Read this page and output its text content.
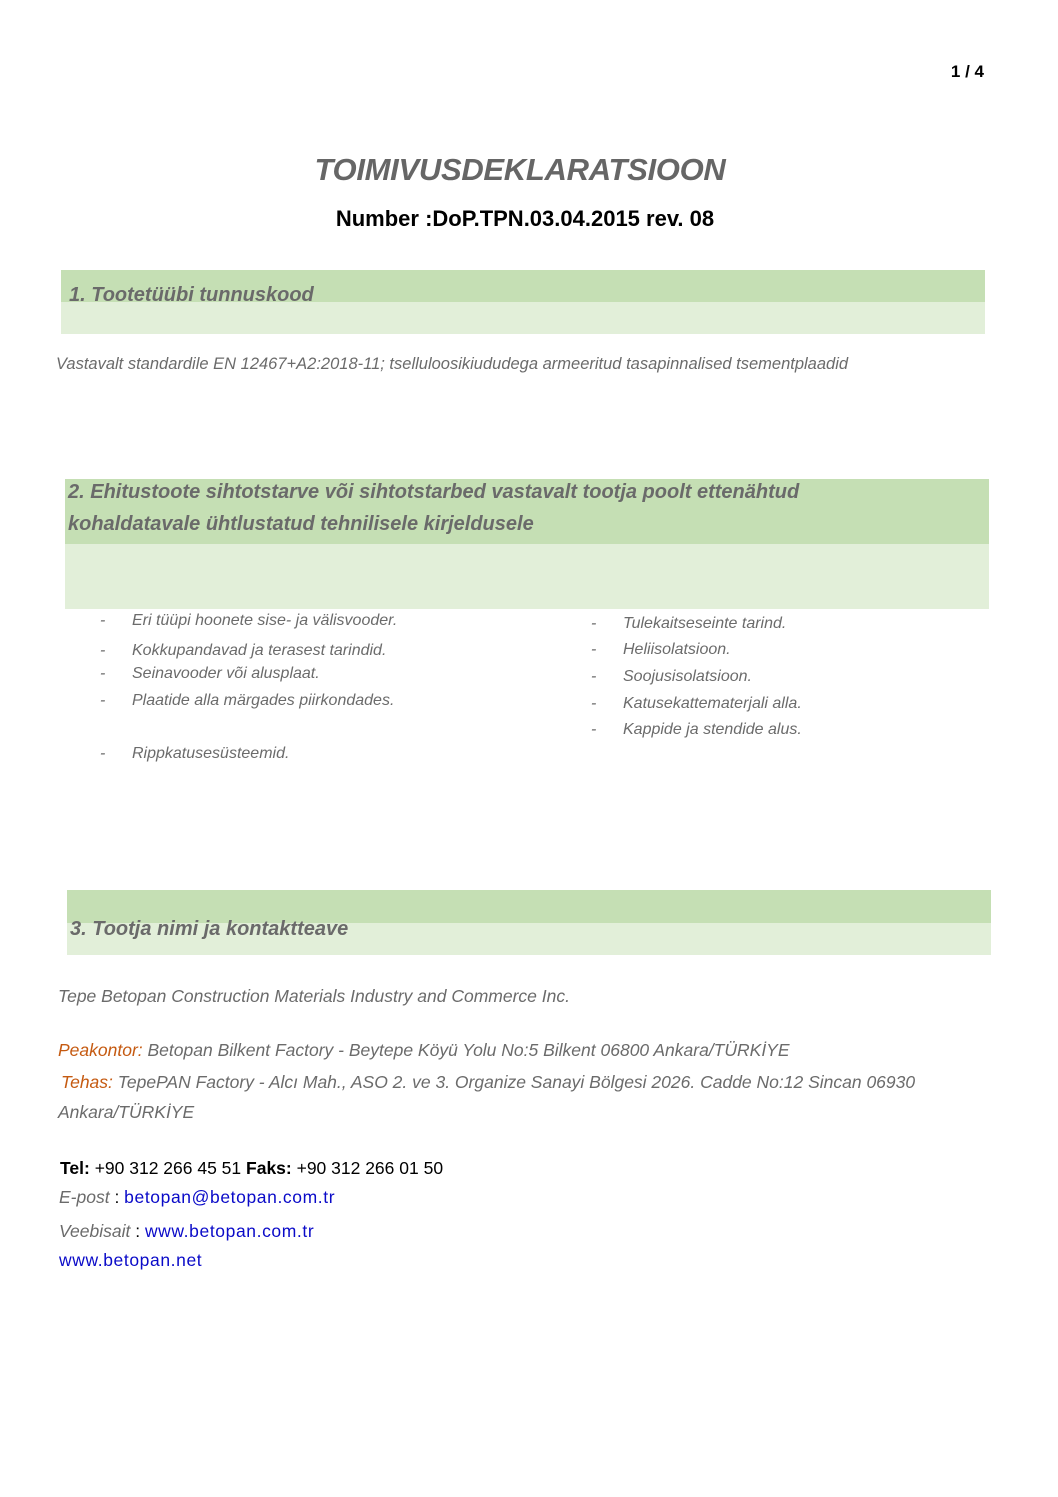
1 / 4
TOIMIVUSDEKLARATSIOON
Number :DoP.TPN.03.04.2015 rev. 08
1. Tootetüübi tunnuskood
Vastavalt standardile EN 12467+A2:2018-11; tselluloosikiududega armeeritud tasapinnalised tsementplaadid
2. Ehitustoote sihtotstarve või sihtotstarbed vastavalt tootja poolt ettenähtud
kohaldatavale ühtlustatud tehnilisele kirjeldusele
- Eri tüüpi hoonete sise- ja välisvooder.
- Kokkupandavad ja terasest tarindid.
- Seinavooder või alusplaat.
- Plaatide alla märgades piirkondades.
- Rippkatusesüsteemid.
- Tulekaitseseinte tarind.
- Heliisolatsioon.
- Soojusisolatsioon.
- Katusekattematerjali alla.
- Kappide ja stendide alus.
3. Tootja nimi ja kontaktteave
Tepe Betopan Construction Materials Industry and Commerce Inc.
Peakontor: Betopan Bilkent Factory - Beytepe Köyü Yolu No:5 Bilkent 06800 Ankara/TÜRKİYE
Tehas: TepePAN Factory - Alcı Mah., ASO 2. ve 3. Organize Sanayi Bölgesi 2026. Cadde No:12 Sincan 06930
Ankara/TÜRKİYE
Tel: +90 312 266 45 51 Faks: +90 312 266 01 50
E-post : betopan@betopan.com.tr
Veebisait : www.betopan.com.tr
www.betopan.net
